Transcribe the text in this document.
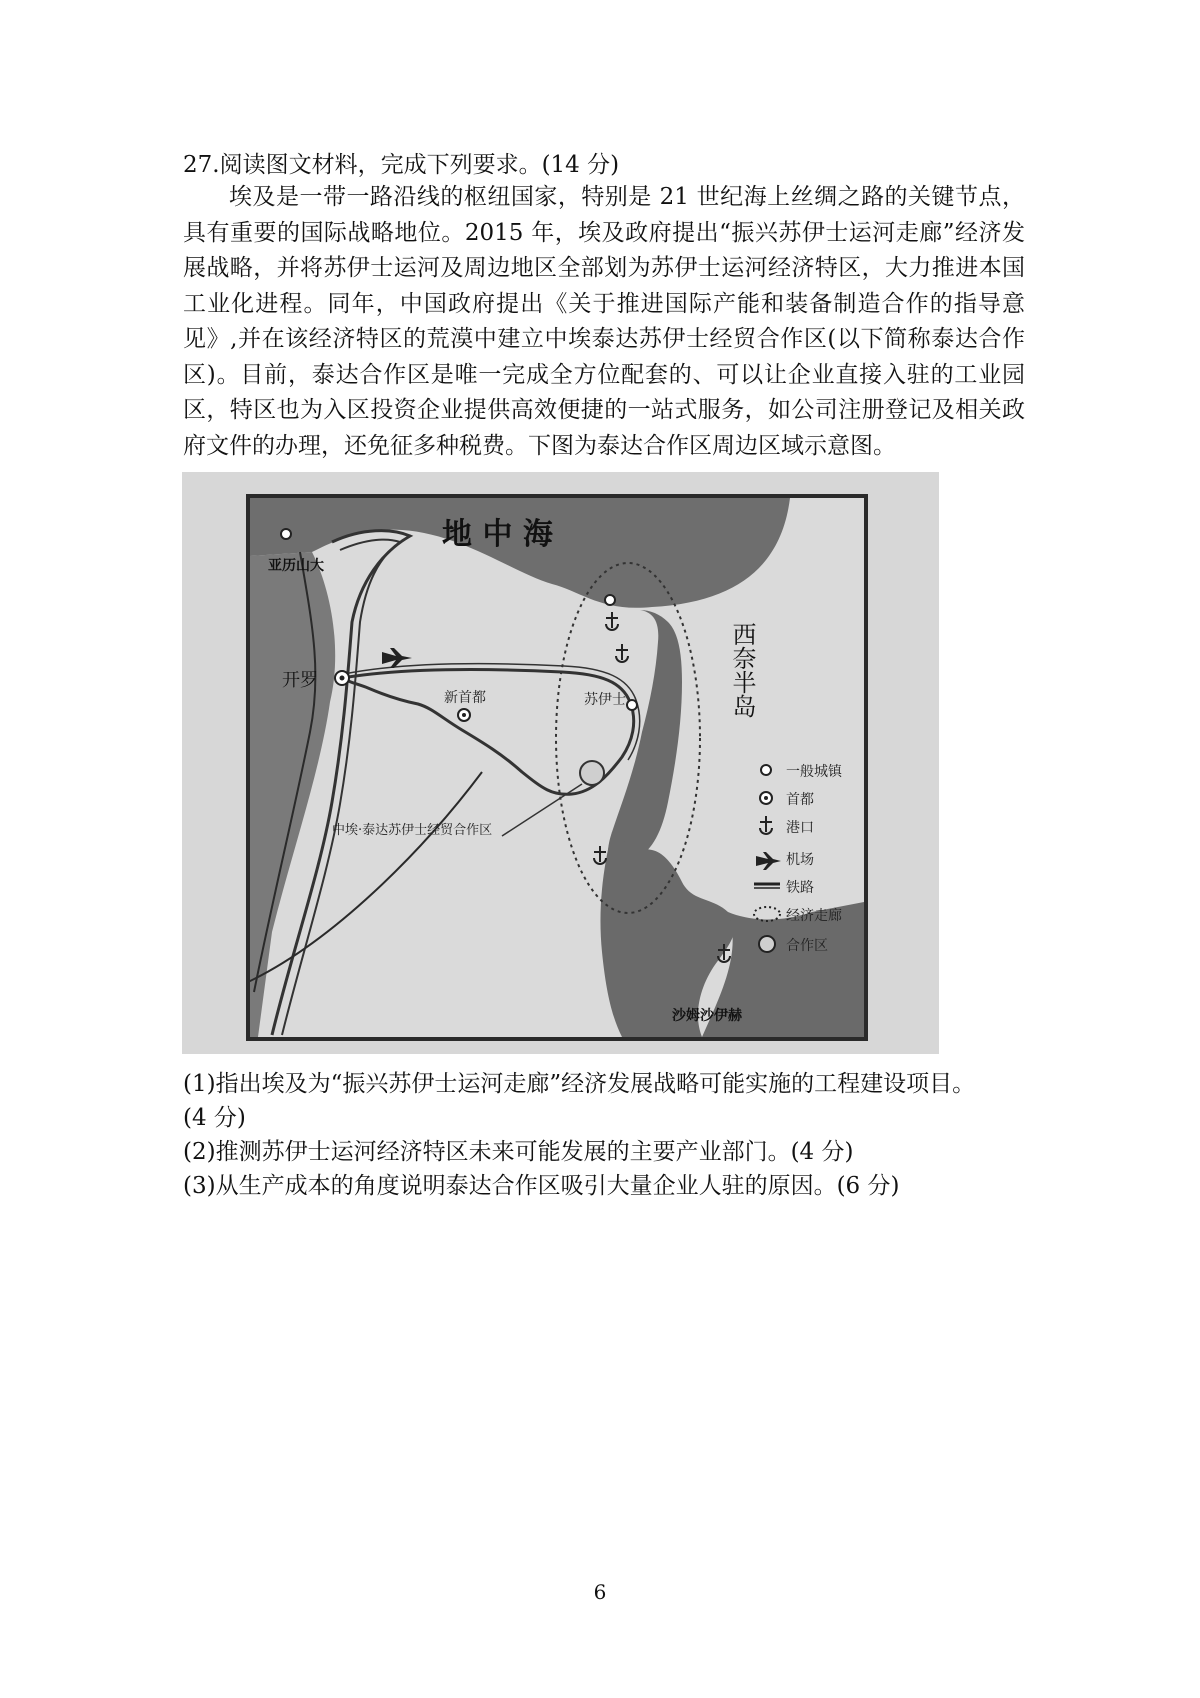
27.阅读图文材料，完成下列要求。(14 分)

埃及是一带一路沿线的枢纽国家，特别是 21 世纪海上丝绸之路的关键节点，具有重要的国际战略地位。2015 年，埃及政府提出“振兴苏伊士运河走廊”经济发展战略，并将苏伊士运河及周边地区全部划为苏伊士运河经济特区，大力推进本国工业化进程。同年，中国政府提出《关于推进国际产能和装备制造合作的指导意见》,并在该经济特区的荒漠中建立中埃泰达苏伊士经贸合作区(以下简称泰达合作区)。目前，泰达合作区是唯一完成全方位配套的、可以让企业直接入驻的工业园区，特区也为入区投资企业提供高效便捷的一站式服务，如公司注册登记及相关政府文件的办理，还免征多种税费。下图为泰达合作区周边区域示意图。

地 中 海
亚历山大
开罗
新首都	苏伊士
沙姆沙伊赫
中埃·泰达苏伊士经贸合作区
西奈半岛
一般城镇
首都
港口
机场
铁路
经济走廊
合作区
(1)指出埃及为“振兴苏伊士运河走廊”经济发展战略可能实施的工程建设项目。
(4 分)
(2)推测苏伊士运河经济特区未来可能发展的主要产业部门。(4 分)
(3)从生产成本的角度说明泰达合作区吸引大量企业人驻的原因。(6 分)
6
